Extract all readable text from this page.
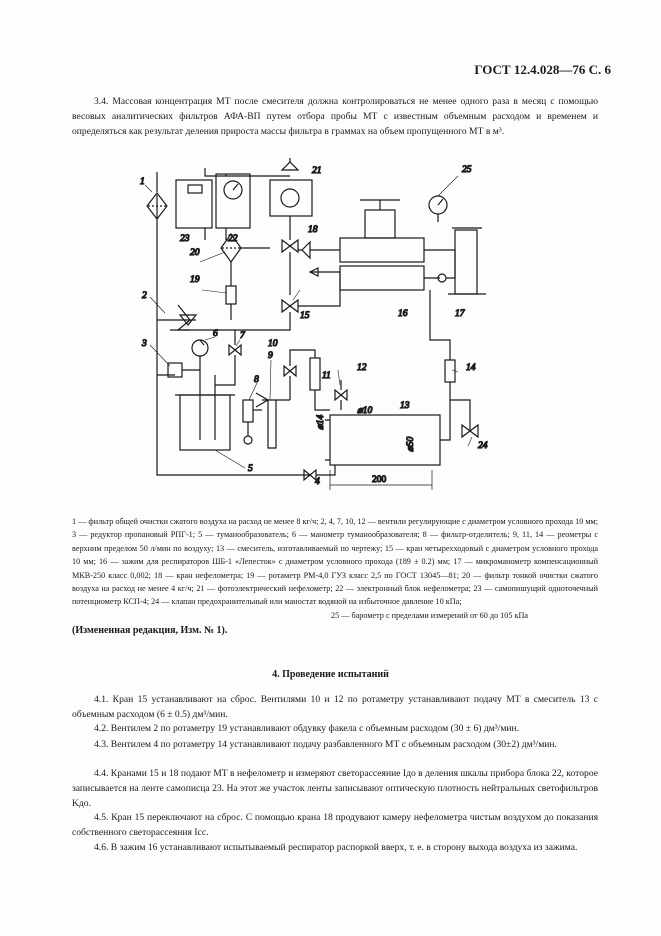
ГОСТ 12.4.028—76 С. 6

3.4. Массовая концентрация МТ после смесителя должна контролироваться не менее одного раза в месяц с помощью весовых аналитических фильтров АФА-ВП путем отбора пробы МТ с известным объемным расходом и временем и определяться как результат деления прироста массы фильтра в граммах на объем пропущенного МТ в м³.

1
2
3
4
5
6 7
8
9
10
11
12
13
14
15	16	17
18
19
20
21
22
23
24
25
200
⌀10
⌀50
⌀14

1 — фильтр общей очистки сжатого воздуха на расход не менее 8 кг/ч; 2, 4, 7, 10, 12 — вентили регулирующие с диаметром условного прохода 10 мм; 3 — редуктор пропановый РПГ-1; 5 — туманообразователь; 6 — манометр туманообразователя; 8 — фильтр-отделитель; 9, 11, 14 — реометры с верхним пределом 50 л/мин по воздуху; 13 — смеситель, изготавливаемый по чертежу; 15 — кран четырехходовый с диаметром условного прохода 10 мм; 16 — зажим для респираторов ШБ-1 «Лепесток» с диаметром условного прохода (189 ± 0.2) мм; 17 — микроманометр компенсационный МКВ-250 класс 0,002; 18 — кран нефелометра; 19 — ротаметр РМ-4,0 ГУЗ класс 2,5 по ГОСТ 13045—81; 20 — фильтр тонкой очистки сжатого воздуха на расход не менее 4 кг/ч; 21 — фотоэлектрический нефелометр; 22 — электронный блок нефелометра; 23 — самопишущий одноточечный потенциометр КСП-4; 24 — клапан предохранительный или маностат водяной на избыточное давление 10 кПа;
25 — барометр с пределами измерений от 60 до 105 кПа

(Измененная редакция, Изм. № 1).
4. Проведение испытаний

4.1. Кран 15 устанавливают на сброс. Вентилями 10 и 12 по ротаметру устанавливают подачу МТ в смеситель 13 с объемным расходом (6 ± 0.5) дм³/мин.

4.2. Вентилем 2 по ротаметру 19 устанавливают обдувку факела с объемным расходом (30 ± 6) дм³/мин.

4.3. Вентилем 4 по ротаметру 14 устанавливают подачу разбавленного МТ с объемным расходом (30±2) дм³/мин.

4.4. Кранами 15 и 18 подают МТ в нефелометр и измеряют светорассеяние Iдо в деления шкалы прибора блока 22, которое записывается на ленте самописца 23. На этот же участок ленты записывают оптическую плотность нейтральных светофильтров Kдо.

4.5. Кран 15 переключают на сброс. С помощью крана 18 продувают камеру нефелометра чистым воздухом до показания собственного светорассеяния Iсс.

4.6. В зажим 16 устанавливают испытываемый респиратор распоркой вверх, т. е. в сторону выхода воздуха из зажима.
